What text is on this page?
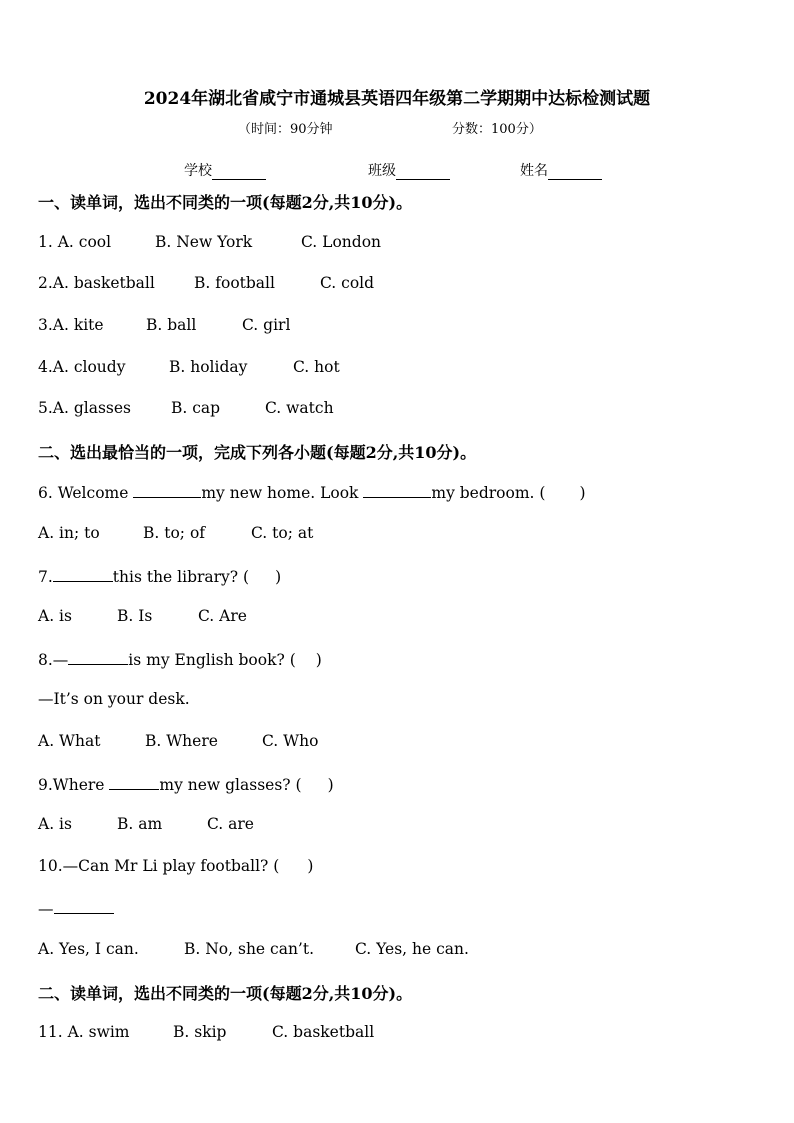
2024年湖北省咸宁市通城县英语四年级第二学期期中达标检测试题
（时间：90分钟	分数：100分）
学校	班级	姓名
一、读单词，选出不同类的一项(每题2分,共10分)。
1. A. cool	B. New York	C. London
2.A. basketball	B. football	C. cold
3.A. kite	B. ball	C. girl
4.A. cloudy	B. holiday	C. hot
5.A. glasses	B. cap	C. watch
二、选出最恰当的一项，完成下列各小题(每题2分,共10分)。
6. Welcome	my new home. Look	my bedroom. ( )
A. in; to	B. to; of	C. to; at
7.	this the library? ( )
A. is	B. Is	C. Are
8.—	is my English book? ( )
—It’s on your desk.
A. What	B. Where	C. Who
9.Where	my new glasses? ( )
A. is	B. am	C. are
10.—Can Mr Li play football? ( )
—
A. Yes, I can.	B. No, she can’t.	C. Yes, he can.
二、读单词，选出不同类的一项(每题2分,共10分)。
11. A. swim	B. skip	C. basketball
